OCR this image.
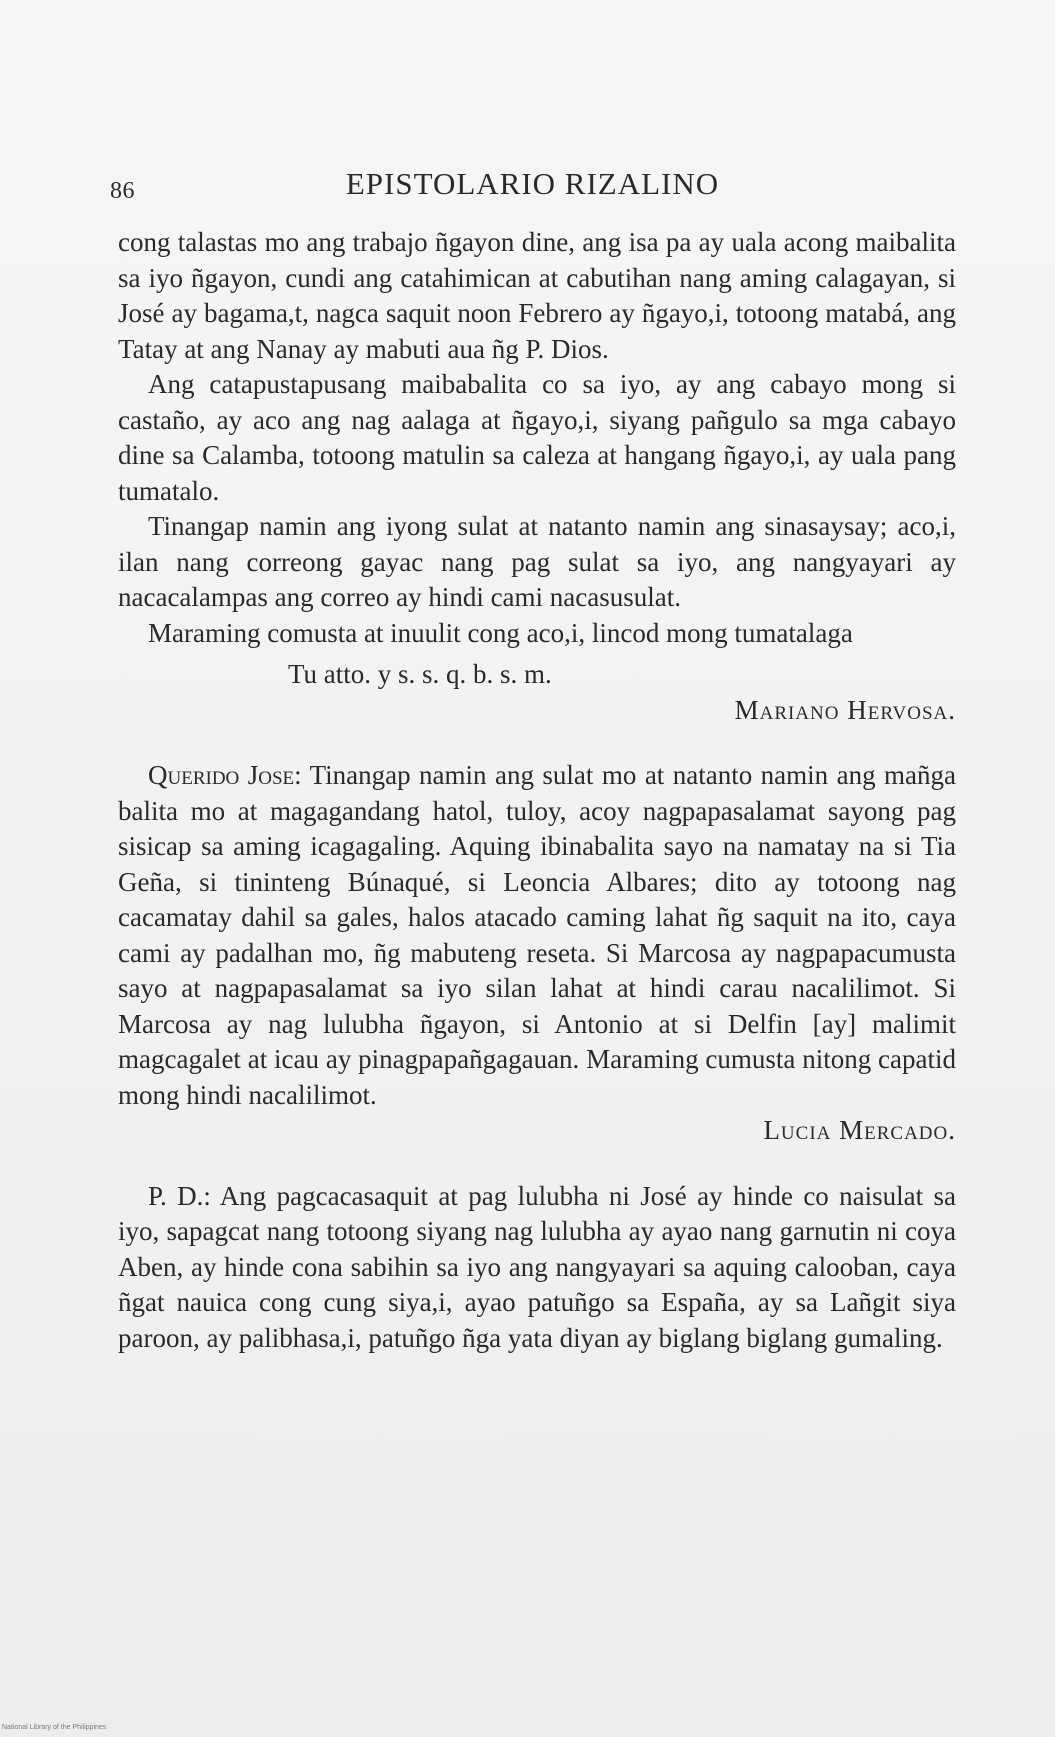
86	EPISTOLARIO RIZALINO

cong talastas mo ang trabajo ñgayon dine, ang isa pa ay uala acong maibalita sa iyo ñgayon, cundi ang catahimican at cabutihan nang aming calagayan, si José ay bagama,t, nagca saquit noon Febrero ay ñgayo,i, totoong matabá, ang Tatay at ang Nanay ay mabuti aua ñg P. Dios.

Ang catapustapusang maibabalita co sa iyo, ay ang cabayo mong si castaño, ay aco ang nag aalaga at ñgayo,i, siyang pañgulo sa mga cabayo dine sa Calamba, totoong matulin sa caleza at hangang ñgayo,i, ay uala pang tumatalo.

Tinangap namin ang iyong sulat at natanto namin ang sinasaysay; aco,i, ilan nang correong gayac nang pag sulat sa iyo, ang nangyayari ay nacacalampas ang correo ay hindi cami nacasusulat.

Maraming comusta at inuulit cong aco,i, lincod mong tumatalaga

Tu atto. y s. s. q. b. s. m.

Mariano Hervosa.

Querido Jose: Tinangap namin ang sulat mo at natanto namin ang mañga balita mo at magagandang hatol, tuloy, acoy nagpapasalamat sayong pag sisicap sa aming icagagaling. Aquing ibinabalita sayo na namatay na si Tia Geña, si tininteng Búnaqué, si Leoncia Albares; dito ay totoong nag cacamatay dahil sa gales, halos atacado caming lahat ñg saquit na ito, caya cami ay padalhan mo, ñg mabuteng reseta. Si Marcosa ay nagpapacumusta sayo at nagpapasalamat sa iyo silan lahat at hindi carau nacalilimot. Si Marcosa ay nag lulubha ñgayon, si Antonio at si Delfin [ay] malimit magcagalet at icau ay pinagpapañgagauan. Maraming cumusta nitong capatid mong hindi nacalilimot.

Lucia Mercado.

P. D.: Ang pagcacasaquit at pag lulubha ni José ay hinde co naisulat sa iyo, sapagcat nang totoong siyang nag lulubha ay ayao nang garnutin ni coya Aben, ay hinde cona sabihin sa iyo ang nangyayari sa aquing calooban, caya ñgat nauica cong cung siya,i, ayao patuñgo sa España, ay sa Lañgit siya paroon, ay palibhasa,i, patuñgo ñga yata diyan ay biglang biglang gumaling.

National Library of the Philippines
